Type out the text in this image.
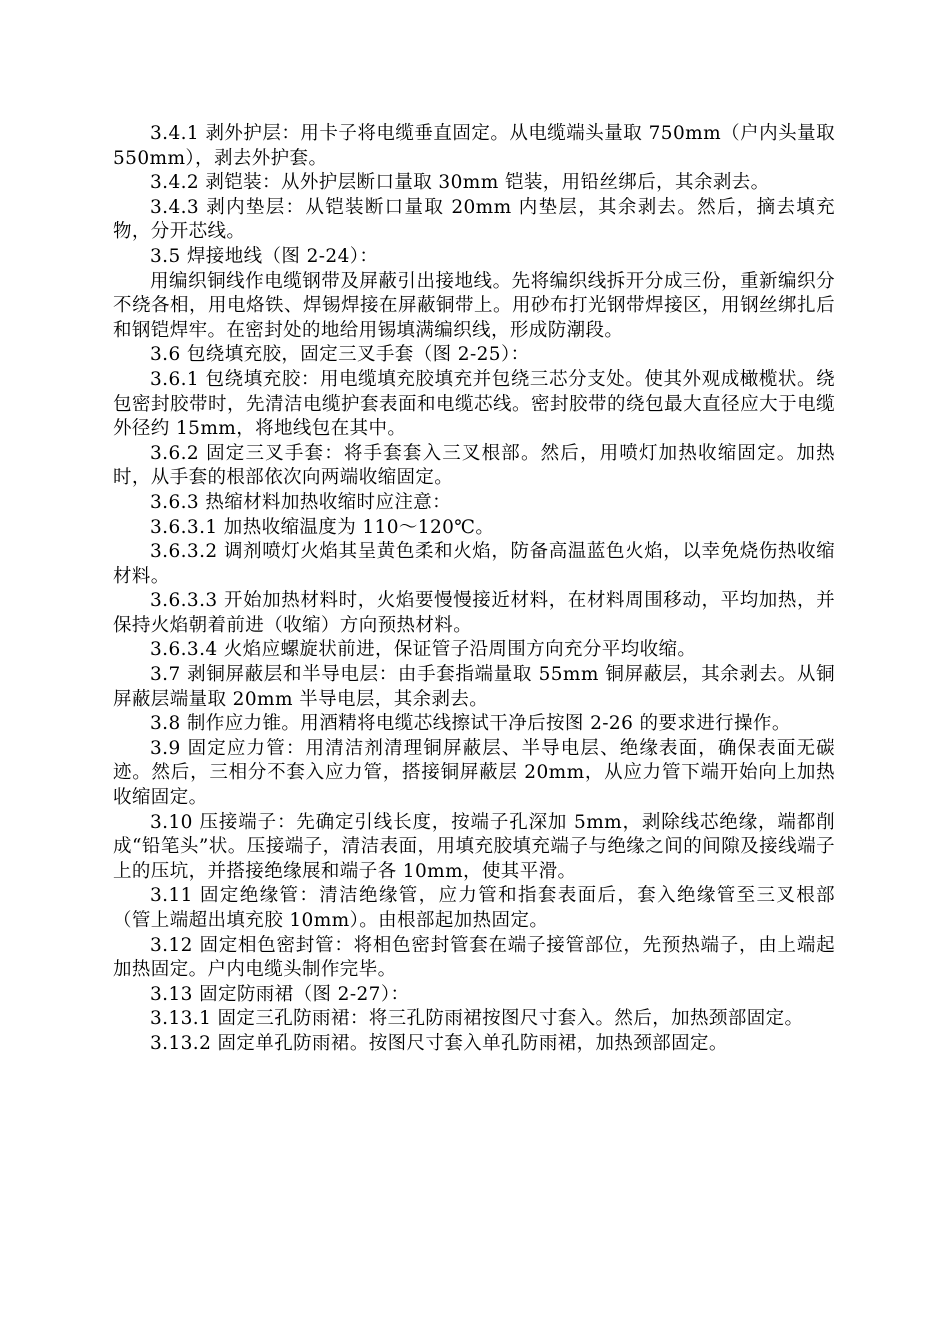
3.4.1 剥外护层：用卡子将电缆垂直固定。从电缆端头量取 750mm（户内头量取 550mm），剥去外护套。

3.4.2 剥铠装：从外护层断口量取 30mm 铠装，用铅丝绑后，其余剥去。

3.4.3 剥内垫层：从铠装断口量取 20mm 内垫层，其余剥去。然后，摘去填充物，分开芯线。

3.5 焊接地线（图 2-24）：

用编织铜线作电缆钢带及屏蔽引出接地线。先将编织线拆开分成三份，重新编织分不绕各相，用电烙铁、焊锡焊接在屏蔽铜带上。用砂布打光钢带焊接区，用钢丝绑扎后和钢铠焊牢。在密封处的地给用锡填满编织线，形成防潮段。

3.6 包绕填充胶，固定三叉手套（图 2-25）：

3.6.1 包绕填充胶：用电缆填充胶填充并包绕三芯分支处。使其外观成橄榄状。绕包密封胶带时，先清洁电缆护套表面和电缆芯线。密封胶带的绕包最大直径应大于电缆外径约 15mm，将地线包在其中。

3.6.2 固定三叉手套：将手套套入三叉根部。然后，用喷灯加热收缩固定。加热时，从手套的根部依次向两端收缩固定。

3.6.3 热缩材料加热收缩时应注意：

3.6.3.1 加热收缩温度为 110～120℃。

3.6.3.2 调剂喷灯火焰其呈黄色柔和火焰，防备高温蓝色火焰，以幸免烧伤热收缩材料。

3.6.3.3 开始加热材料时，火焰要慢慢接近材料，在材料周围移动，平均加热，并保持火焰朝着前进（收缩）方向预热材料。

3.6.3.4 火焰应螺旋状前进，保证管子沿周围方向充分平均收缩。

3.7 剥铜屏蔽层和半导电层：由手套指端量取 55mm 铜屏蔽层，其余剥去。从铜屏蔽层端量取 20mm 半导电层，其余剥去。

3.8 制作应力锥。用酒精将电缆芯线擦试干净后按图 2-26 的要求进行操作。

3.9 固定应力管：用清洁剂清理铜屏蔽层、半导电层、绝缘表面，确保表面无碳迹。然后，三相分不套入应力管，搭接铜屏蔽层 20mm，从应力管下端开始向上加热收缩固定。

3.10 压接端子：先确定引线长度，按端子孔深加 5mm，剥除线芯绝缘，端都削成“铅笔头”状。压接端子，清洁表面，用填充胶填充端子与绝缘之间的间隙及接线端子上的压坑，并搭接绝缘展和端子各 10mm，使其平滑。

3.11 固定绝缘管：清洁绝缘管，应力管和指套表面后，套入绝缘管至三叉根部（管上端超出填充胶 10mm）。由根部起加热固定。

3.12 固定相色密封管：将相色密封管套在端子接管部位，先预热端子，由上端起加热固定。户内电缆头制作完毕。

3.13 固定防雨裙（图 2-27）：

3.13.1 固定三孔防雨裙：将三孔防雨裙按图尺寸套入。然后，加热颈部固定。

3.13.2 固定单孔防雨裙。按图尺寸套入单孔防雨裙，加热颈部固定。
